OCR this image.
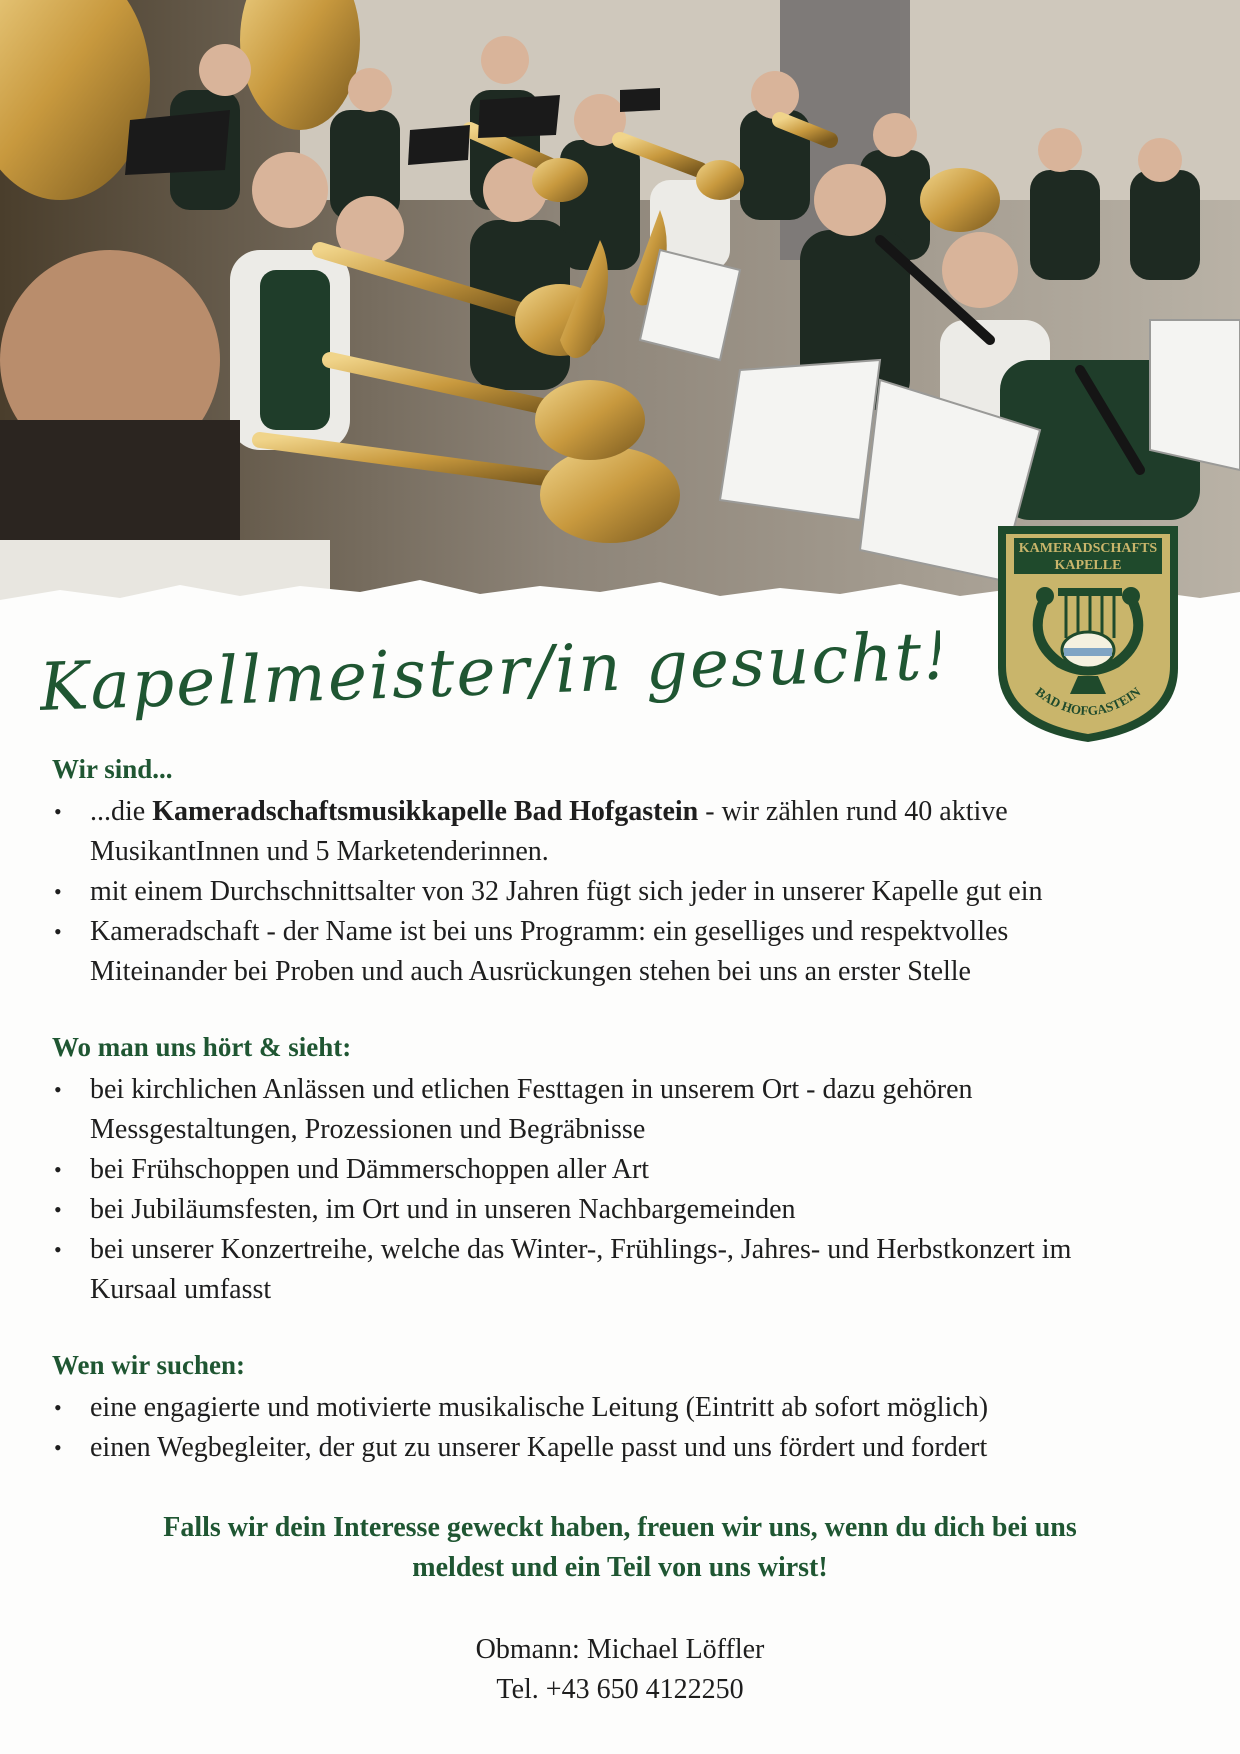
KAMERADSCHAFTS
KAPELLE
BAD HOFGASTEIN
Kapellmeister/in gesucht!
Wir sind...
• ...die Kameradschaftsmusikkapelle Bad Hofgastein - wir zählen rund 40 aktive
MusikantInnen und 5 Marketenderinnen.
• mit einem Durchschnittsalter von 32 Jahren fügt sich jeder in unserer Kapelle gut ein
• Kameradschaft - der Name ist bei uns Programm: ein geselliges und respektvolles
Miteinander bei Proben und auch Ausrückungen stehen bei uns an erster Stelle
Wo man uns hört & sieht:
• bei kirchlichen Anlässen und etlichen Festtagen in unserem Ort - dazu gehören
Messgestaltungen, Prozessionen und Begräbnisse
• bei Frühschoppen und Dämmerschoppen aller Art
• bei Jubiläumsfesten, im Ort und in unseren Nachbargemeinden
• bei unserer Konzertreihe, welche das Winter-, Frühlings-, Jahres- und Herbstkonzert im
Kursaal umfasst
Wen wir suchen:
• eine engagierte und motivierte musikalische Leitung (Eintritt ab sofort möglich)
• einen Wegbegleiter, der gut zu unserer Kapelle passt und uns fördert und fordert
Falls wir dein Interesse geweckt haben, freuen wir uns, wenn du dich bei uns
meldest und ein Teil von uns wirst!
Obmann: Michael Löffler
Tel. +43 650 4122250
